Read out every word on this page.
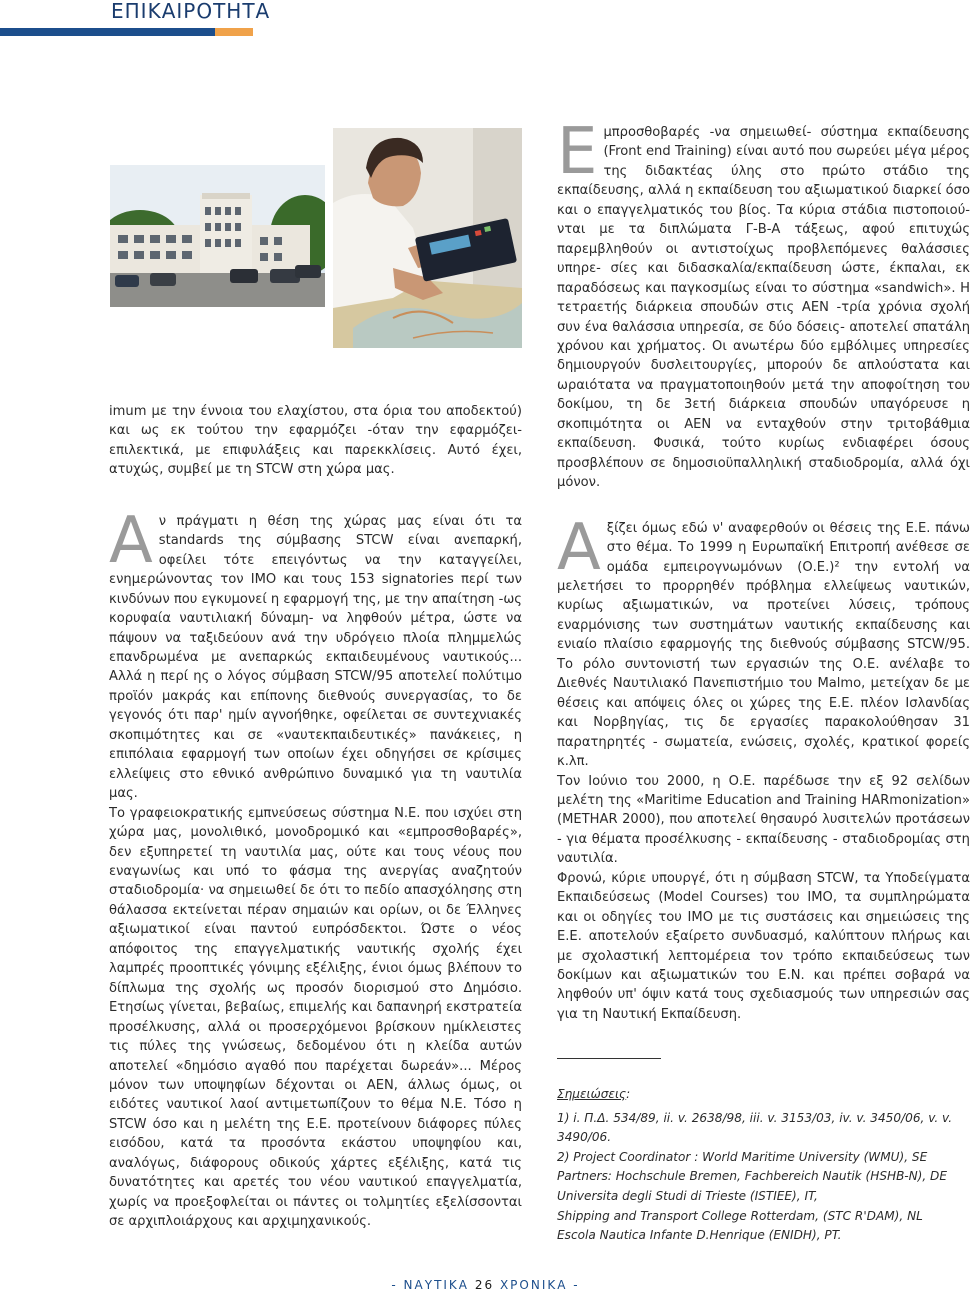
ΕΠΙΚΑΙΡΟΤΗΤΑ

imum με την έννοια του ελαχίστου, στα όρια του αποδεκτού) και ως εκ τούτου την εφαρμόζει -όταν την εφαρμόζει- επιλεκτικά, με επιφυλάξεις και παρεκκλίσεις. Αυτό έχει, ατυχώς, συμβεί με τη STCW στη χώρα μας.

Αν πράγματι η θέση της χώρας μας είναι ότι τα standards της σύμβασης STCW είναι ανεπαρκή, οφείλει τότε επειγόντως να την καταγγείλει, ενημερώνοντας τον IMO και τους 153 signatories περί των κινδύνων που εγκυμονεί η εφαρμογή της, με την απαίτηση -ως κορυφαία ναυτιλιακή δύναμη- να ληφθούν μέτρα, ώστε να πάψουν να ταξιδεύουν ανά την υδρόγειο πλοία πλημμελώς επανδρωμένα με ανεπαρκώς εκπαιδευμένους ναυτικούς... Αλλά η περί ης ο λόγος σύμβαση STCW/95 αποτελεί πολύτιμο προϊόν μακράς και επίπονης διεθνούς συνεργασίας, το δε γεγονός ότι παρ' ημίν αγνοήθηκε, οφείλεται σε συντεχνιακές σκοπιμότητες και σε «ναυτεκπαιδευτικές» πανάκειες, η επιπόλαια εφαρμογή των οποίων έχει οδηγήσει σε κρίσιμες ελλείψεις στο εθνικό ανθρώπινο δυναμικό για τη ναυτιλία μας.

Το γραφειοκρατικής εμπνεύσεως σύστημα Ν.Ε. που ισχύει στη χώρα μας, μονολιθικό, μονοδρομικό και «εμπροσθοβαρές», δεν εξυπηρετεί τη ναυτιλία μας, ούτε και τους νέους που εναγωνίως και υπό το φάσμα της ανεργίας αναζητούν σταδιοδρομία· να σημειωθεί δε ότι το πεδίο απασχόλησης στη θάλασσα εκτείνεται πέραν σημαιών και ορίων, οι δε Έλληνες αξιωματικοί είναι παντού ευπρόσδεκτοι. Ώστε ο νέος απόφοιτος της επαγγελματικής ναυτικής σχολής έχει λαμπρές προοπτικές γόνιμης εξέλιξης, ένιοι όμως βλέπουν το δίπλωμα της σχολής ως προσόν διορισμού στο Δημόσιο. Ετησίως γίνεται, βεβαίως, επιμελής και δαπανηρή εκστρατεία προσέλκυσης, αλλά οι προσερχόμενοι βρίσκουν ημίκλειστες τις πύλες της γνώσεως, δεδομένου ότι η κλείδα αυτών αποτελεί «δημόσιο αγαθό που παρέχεται δωρεάν»... Μέρος μόνον των υποψηφίων δέχονται οι ΑΕΝ, άλλως όμως, οι ειδότες ναυτικοί λαοί αντιμετωπίζουν το θέμα Ν.Ε. Τόσο η STCW όσο και η μελέτη της Ε.Ε. προτείνουν διάφορες πύλες εισόδου, κατά τα προσόντα εκάστου υποψηφίου και, αναλόγως, διάφορους οδικούς χάρτες εξέλιξης, κατά τις δυνατότητες και αρετές του νέου ναυτικού επαγγελματία, χωρίς να προεξοφλείται οι πάντες οι τολμητίες εξελίσσονται σε αρχιπλοιάρχους και αρχιμηχανικούς.

Εμπροσθοβαρές -να σημειωθεί- σύστημα εκπαίδευσης (Front end Training) είναι αυτό που σωρεύει μέγα μέρος της διδακτέας ύλης στο πρώτο στάδιο της εκπαίδευσης, αλλά η εκπαίδευση του αξιωματικού διαρκεί όσο και ο επαγγελματικός του βίος. Τα κύρια στάδια πιστοποιού-νται με τα διπλώματα Γ-Β-Α τάξεως, αφού επιτυχώς παρεμβληθούν οι αντιστοίχως προβλεπόμενες θαλάσσιες υπηρε- σίες και διδασκαλία/εκπαίδευση ώστε, έκπαλαι, εκ παραδόσεως και παγκοσμίως είναι το σύστημα «sandwich». Η τετραετής διάρκεια σπουδών στις ΑΕΝ -τρία χρόνια σχολή συν ένα θαλάσσια υπηρεσία, σε δύο δόσεις- αποτελεί σπατάλη χρόνου και χρήματος. Οι ανωτέρω δύο εμβόλιμες υπηρεσίες δημιουργούν δυσλειτουργίες, μπορούν δε απλούστατα και ωραιότατα να πραγματοποιηθούν μετά την αποφοίτηση του δοκίμου, τη δε 3ετή διάρκεια σπουδών υπαγόρευσε η σκοπιμότητα οι ΑΕΝ να ενταχθούν στην τριτοβάθμια εκπαίδευση. Φυσικά, τούτο κυρίως ενδιαφέρει όσους προσβλέπουν σε δημοσιοϋπαλληλική σταδιοδρομία, αλλά όχι μόνον.

Αξίζει όμως εδώ ν' αναφερθούν οι θέσεις της Ε.Ε. πάνω στο θέμα. Το 1999 η Ευρωπαϊκή Επιτροπή ανέθεσε σε ομάδα εμπειρογνωμόνων (Ο.Ε.)² την εντολή να μελετήσει το προρρηθέν πρόβλημα ελλείψεως ναυτικών, κυρίως αξιωματικών, να προτείνει λύσεις, τρόπους εναρμόνισης των συστημάτων ναυτικής εκπαίδευσης και ενιαίο πλαίσιο εφαρμογής της διεθνούς σύμβασης STCW/95. Το ρόλο συντονιστή των εργασιών της Ο.Ε. ανέλαβε το Διεθνές Ναυτιλιακό Πανεπιστήμιο του Malmo, μετείχαν δε με θέσεις και απόψεις όλες οι χώρες της Ε.Ε. πλέον Ισλανδίας και Νορβηγίας, τις δε εργασίες παρακολούθησαν 31 παρατηρητές - σωματεία, ενώσεις, σχολές, κρατικοί φορείς κ.λπ.

Τον Ιούνιο του 2000, η Ο.Ε. παρέδωσε την εξ 92 σελίδων μελέτη της «Maritime Education and Training HARmonization» (METHAR 2000), που αποτελεί θησαυρό λυσιτελών προτάσεων - για θέματα προσέλκυσης - εκπαίδευσης - σταδιοδρομίας στη ναυτιλία.

Φρονώ, κύριε υπουργέ, ότι η σύμβαση STCW, τα Υποδείγματα Εκπαιδεύσεως (Model Courses) του IMO, τα συμπληρώματα και οι οδηγίες του IMO με τις συστάσεις και σημειώσεις της Ε.Ε. αποτελούν εξαίρετο συνδυασμό, καλύπτουν πλήρως και με σχολαστική λεπτομέρεια τον τρόπο εκπαιδεύσεως των δοκίμων και αξιωματικών του Ε.Ν. και πρέπει σοβαρά να ληφθούν υπ' όψιν κατά τους σχεδιασμούς των υπηρεσιών σας για τη Ναυτική Εκπαίδευση.

Σημειώσεις:

1) i. Π.Δ. 534/89, ii. v. 2638/98, iii. v. 3153/03, iv. v. 3450/06, v. v. 3490/06.

2) Project Coordinator : World Maritime University (WMU), SE

Partners: Hochschule Bremen, Fachbereich Nautik (HSHB-N), DE

Universita degli Studi di Trieste (ISTIEE), IT,

Shipping and Transport College Rotterdam, (STC R'DAM), NL

Escola Nautica Infante D.Henrique (ENIDH), PT.

- ΝΑΥΤΙΚΑ 26 ΧΡΟΝΙΚΑ -
